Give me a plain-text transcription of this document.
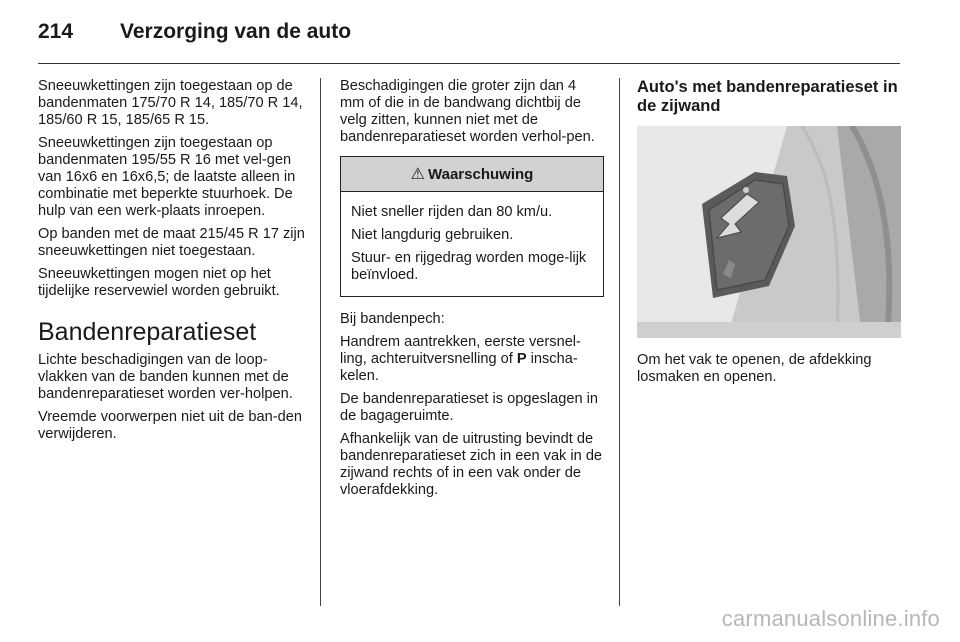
214	Verzorging van de auto

Sneeuwkettingen zijn toegestaan op de bandenmaten 175/70 R 14, 185/70 R 14, 185/60 R 15, 185/65 R 15.

Sneeuwkettingen zijn toegestaan op bandenmaten 195/55 R 16 met vel-gen van 16x6 en 16x6,5; de laatste alleen in combinatie met beperkte stuurhoek. De hulp van een werk-plaats inroepen.

Op banden met de maat 215/45 R 17 zijn sneeuwkettingen niet toegestaan.

Sneeuwkettingen mogen niet op het tijdelijke reservewiel worden gebruikt.

Bandenreparatieset

Lichte beschadigingen van de loop-vlakken van de banden kunnen met de bandenreparatieset worden ver-holpen.

Vreemde voorwerpen niet uit de ban-den verwijderen.

Beschadigingen die groter zijn dan 4 mm of die in de bandwang dichtbij de velg zitten, kunnen niet met de bandenreparatieset worden verhol-pen.

⚠ Waarschuwing

Niet sneller rijden dan 80 km/u.

Niet langdurig gebruiken.

Stuur- en rijgedrag worden moge-lijk beïnvloed.

Bij bandenpech:

Handrem aantrekken, eerste versnel-ling, achteruitversnelling of P inscha-kelen.

De bandenreparatieset is opgeslagen in de bagageruimte.

Afhankelijk van de uitrusting bevindt de bandenreparatieset zich in een vak in de zijwand rechts of in een vak onder de vloerafdekking.

Auto's met bandenreparatieset in de zijwand

Om het vak te openen, de afdekking losmaken en openen.

carmanualsonline.info
